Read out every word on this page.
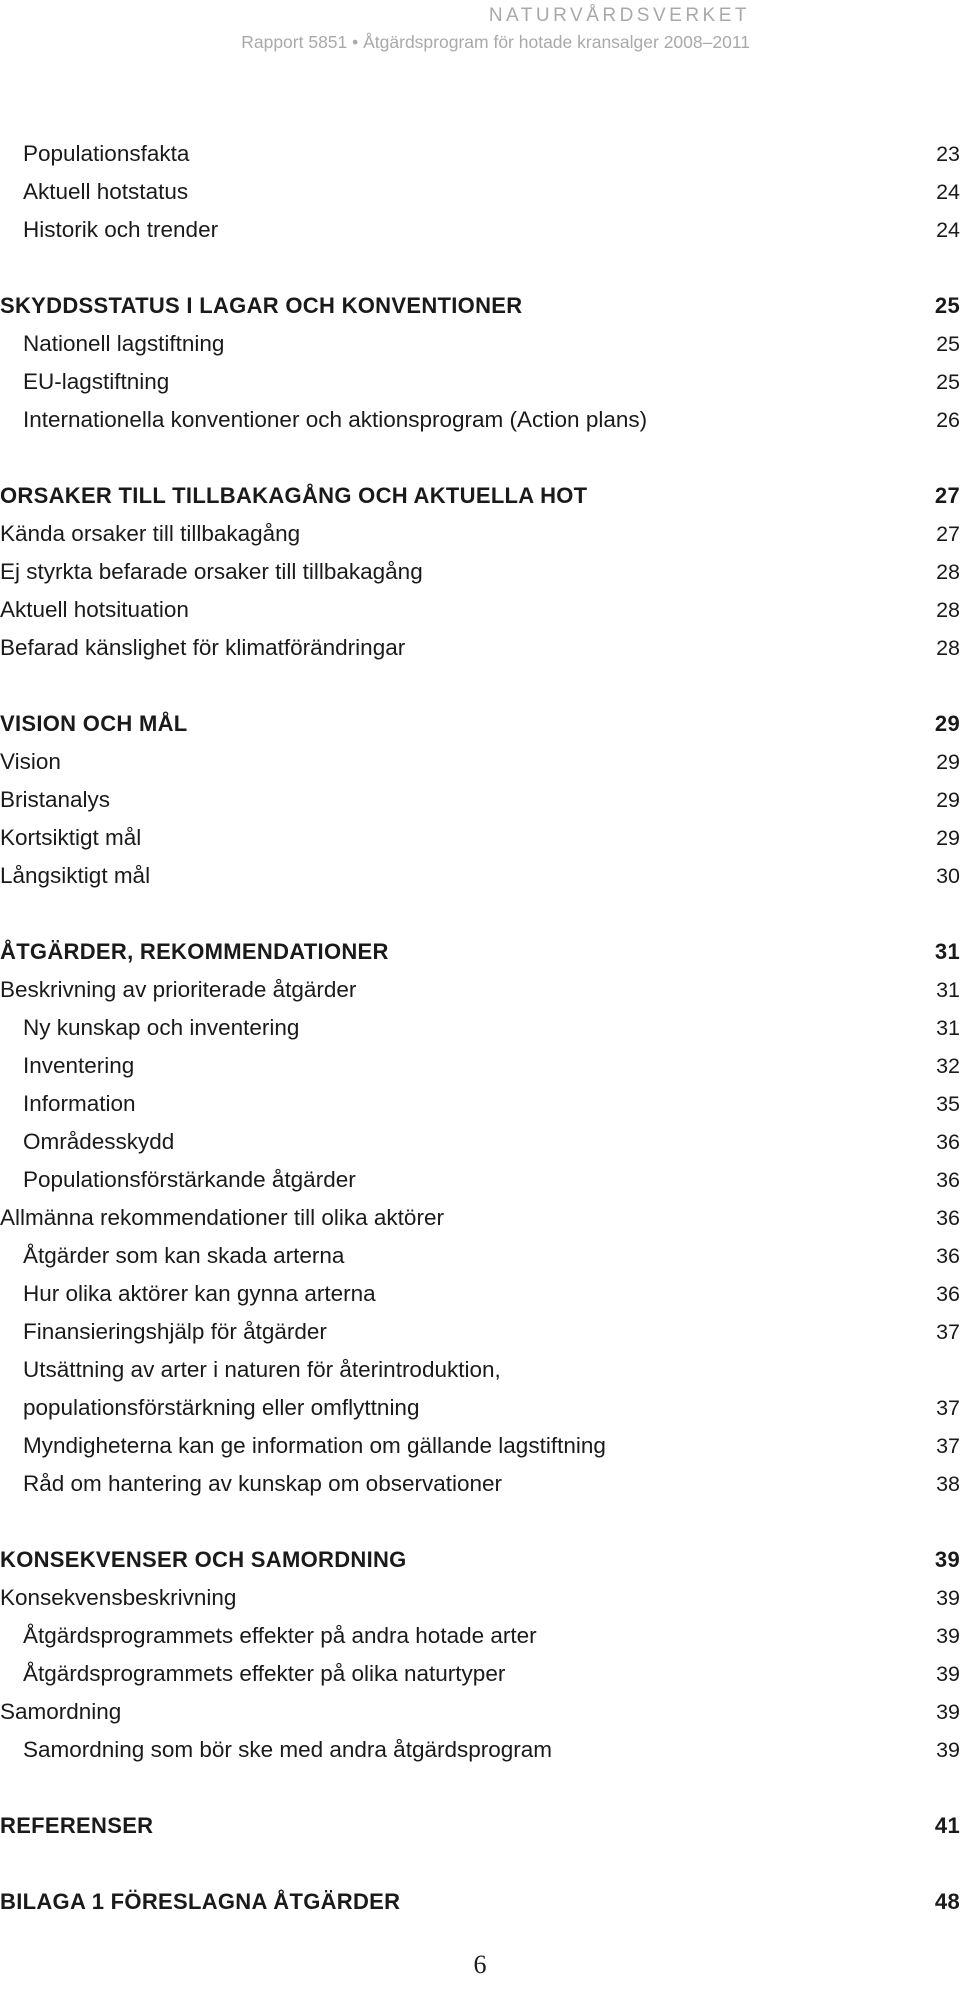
NATURVÅRDSVERKET
Rapport 5851 • Åtgärdsprogram för hotade kransalger 2008–2011
Populationsfakta	23
Aktuell hotstatus	24
Historik och trender	24
SKYDDSSTATUS I LAGAR OCH KONVENTIONER	25
Nationell lagstiftning	25
EU-lagstiftning	25
Internationella konventioner och aktionsprogram (Action plans)	26
ORSAKER TILL TILLBAKAGÅNG OCH AKTUELLA HOT	27
Kända orsaker till tillbakagång	27
Ej styrkta befarade orsaker till tillbakagång	28
Aktuell hotsituation	28
Befarad känslighet för klimatförändringar	28
VISION OCH MÅL	29
Vision	29
Bristanalys	29
Kortsiktigt mål	29
Långsiktigt mål	30
ÅTGÄRDER, REKOMMENDATIONER	31
Beskrivning av prioriterade åtgärder	31
Ny kunskap och inventering	31
Inventering	32
Information	35
Områdesskydd	36
Populationsförstärkande åtgärder	36
Allmänna rekommendationer till olika aktörer	36
Åtgärder som kan skada arterna	36
Hur olika aktörer kan gynna arterna	36
Finansieringshjälp för åtgärder	37
Utsättning av arter i naturen för återintroduktion,
populationsförstärkning eller omflyttning	37
Myndigheterna kan ge information om gällande lagstiftning	37
Råd om hantering av kunskap om observationer	38
KONSEKVENSER OCH SAMORDNING	39
Konsekvensbeskrivning	39
Åtgärdsprogrammets effekter på andra hotade arter	39
Åtgärdsprogrammets effekter på olika naturtyper	39
Samordning	39
Samordning som bör ske med andra åtgärdsprogram	39
REFERENSER	41
BILAGA 1 FÖRESLAGNA ÅTGÄRDER	48
6
